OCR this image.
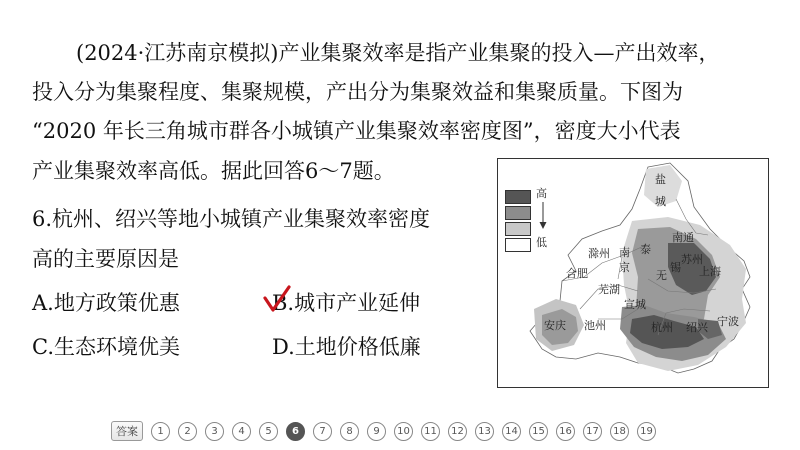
(2024·江苏南京模拟)产业集聚效率是指产业集聚的投入—产出效率，
投入分为集聚程度、集聚规模，产出分为集聚效益和集聚质量。下图为
“2020 年长三角城市群各小城镇产业集聚效率密度图”，密度大小代表
产业集聚效率高低。据此回答6～7题。
6.杭州、绍兴等地小城镇产业集聚效率密度
高的主要原因是
A.地方政策优惠	B.城市产业延伸
C.生态环境优美	D.土地价格低廉
高
低
盐
城
滁州 南
京
合肥
南通
泰
苏州
无
锡 上海
芜湖
宣城
安庆 池州	杭州 绍兴 宁波
答案	1	2	3	4	5	6	7	8	9	10	11	12	13	14	15	16	17	18	19
